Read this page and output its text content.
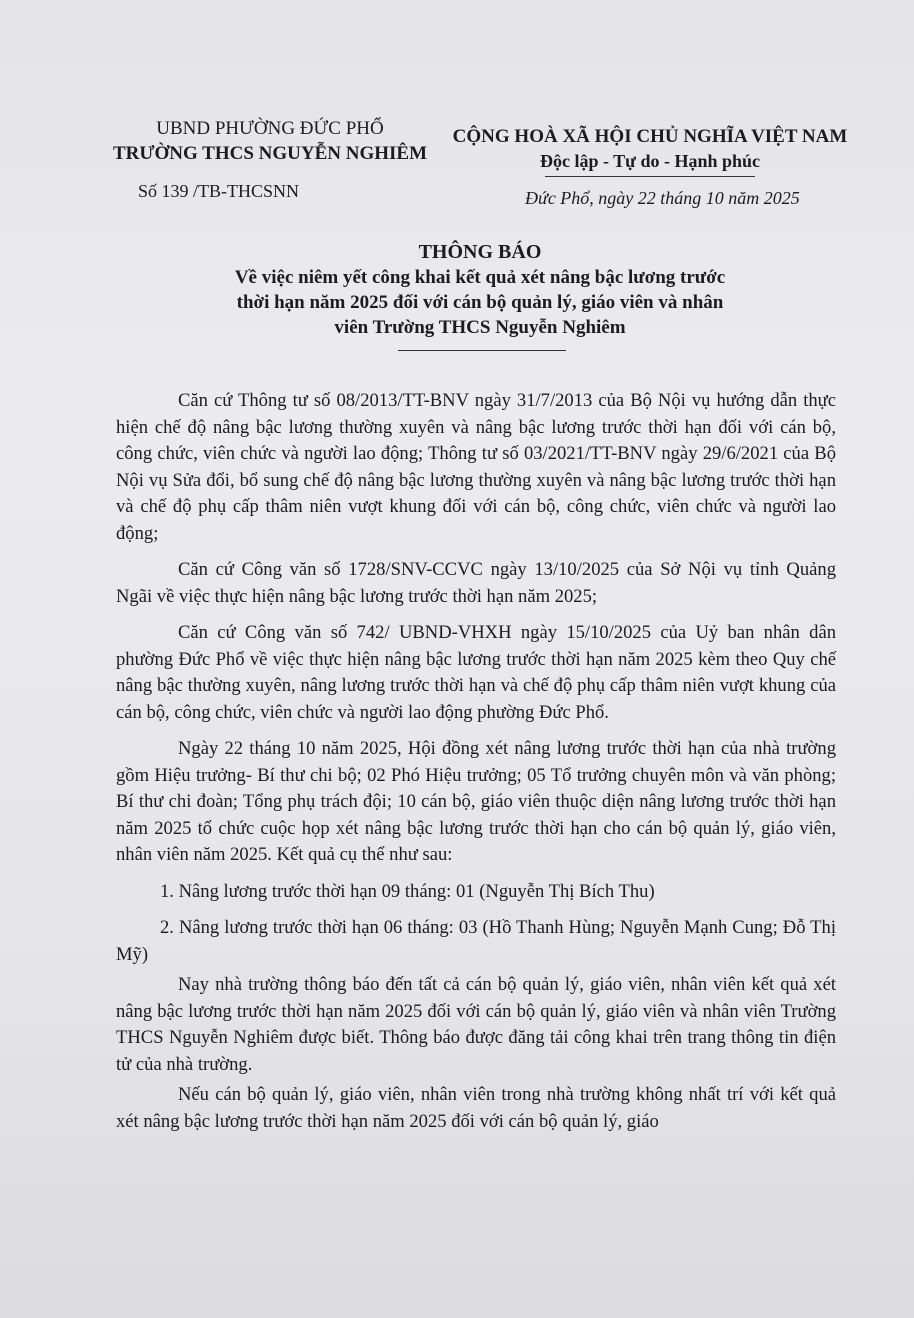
UBND PHƯỜNG ĐỨC PHỔ
TRƯỜNG THCS NGUYỄN NGHIÊM
CỘNG HOÀ XÃ HỘI CHỦ NGHĨA VIỆT NAM
Độc lập - Tự do - Hạnh phúc
Số 139 /TB-THCSNN	Đức Phổ, ngày 22 tháng 10 năm 2025
THÔNG BÁO
Về việc niêm yết công khai kết quả xét nâng bậc lương trước
thời hạn năm 2025 đối với cán bộ quản lý, giáo viên và nhân
viên Trường THCS Nguyễn Nghiêm

Căn cứ Thông tư số 08/2013/TT-BNV ngày 31/7/2013 của Bộ Nội vụ hướng dẫn thực hiện chế độ nâng bậc lương thường xuyên và nâng bậc lương trước thời hạn đối với cán bộ, công chức, viên chức và người lao động; Thông tư số 03/2021/TT-BNV ngày 29/6/2021 của Bộ Nội vụ Sửa đổi, bổ sung chế độ nâng bậc lương thường xuyên và nâng bậc lương trước thời hạn và chế độ phụ cấp thâm niên vượt khung đối với cán bộ, công chức, viên chức và người lao động;

Căn cứ Công văn số 1728/SNV-CCVC ngày 13/10/2025 của Sở Nội vụ tỉnh Quảng Ngãi về việc thực hiện nâng bậc lương trước thời hạn năm 2025;

Căn cứ Công văn số 742/ UBND-VHXH ngày 15/10/2025 của Uỷ ban nhân dân phường Đức Phổ về việc thực hiện nâng bậc lương trước thời hạn năm 2025 kèm theo Quy chế nâng bậc thường xuyên, nâng lương trước thời hạn và chế độ phụ cấp thâm niên vượt khung của cán bộ, công chức, viên chức và người lao động phường Đức Phổ.

Ngày 22 tháng 10 năm 2025, Hội đồng xét nâng lương trước thời hạn của nhà trường gồm Hiệu trưởng- Bí thư chi bộ; 02 Phó Hiệu trưởng; 05 Tổ trưởng chuyên môn và văn phòng; Bí thư chi đoàn; Tổng phụ trách đội; 10 cán bộ, giáo viên thuộc diện nâng lương trước thời hạn năm 2025 tổ chức cuộc họp xét nâng bậc lương trước thời hạn cho cán bộ quản lý, giáo viên, nhân viên năm 2025. Kết quả cụ thể như sau:

1. Nâng lương trước thời hạn 09 tháng: 01 (Nguyễn Thị Bích Thu)

2. Nâng lương trước thời hạn 06 tháng: 03 (Hồ Thanh Hùng; Nguyễn Mạnh Cung; Đỗ Thị Mỹ)

Nay nhà trường thông báo đến tất cả cán bộ quản lý, giáo viên, nhân viên kết quả xét nâng bậc lương trước thời hạn năm 2025 đối với cán bộ quản lý, giáo viên và nhân viên Trường THCS Nguyễn Nghiêm được biết. Thông báo được đăng tải công khai trên trang thông tin điện tử của nhà trường.

Nếu cán bộ quản lý, giáo viên, nhân viên trong nhà trường không nhất trí với kết quả xét nâng bậc lương trước thời hạn năm 2025 đối với cán bộ quản lý, giáo
